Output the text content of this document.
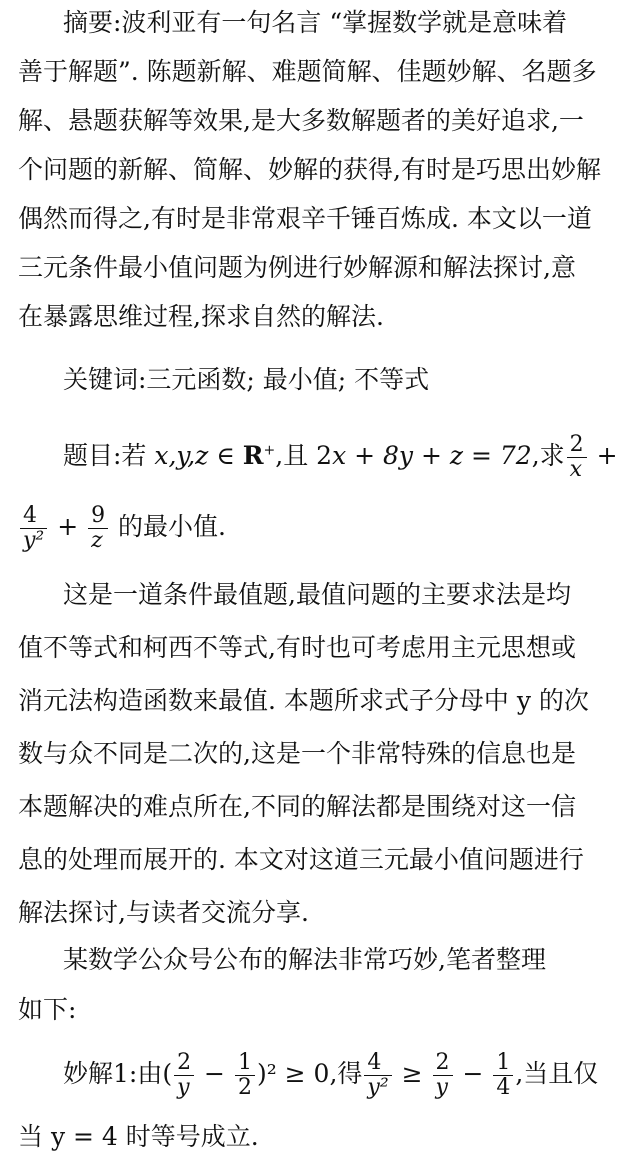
摘要:波利亚有一句名言 “掌握数学就是意味着
善于解题”. 陈题新解、难题简解、佳题妙解、名题多
解、悬题获解等效果,是大多数解题者的美好追求,一
个问题的新解、简解、妙解的获得,有时是巧思出妙解
偶然而得之,有时是非常艰辛千锤百炼成. 本文以一道
三元条件最小值问题为例进行妙解源和解法探讨,意
在暴露思维过程,探求自然的解法.
关键词:三元函数; 最小值; 不等式
题目:若 x,y,z ∈ R+,且 2x + 8y + z = 72,求 $\frac{2}{x}$ +
$\frac{4}{\text{y²}} + \frac{9}{z}$ 的最小值.
这是一道条件最值题,最值问题的主要求法是均
值不等式和柯西不等式,有时也可考虑用主元思想或
消元法构造函数来最值. 本题所求式子分母中 y 的次
数与众不同是二次的,这是一个非常特殊的信息也是
本题解决的难点所在,不同的解法都是围绕对这一信
息的处理而展开的. 本文对这道三元最小值问题进行
解法探讨,与读者交流分享.
某数学公众号公布的解法非常巧妙,笔者整理
如下:
妙解1:由( $\frac{2}{y} - \frac{1}{2} )^2 \ge 0$,得 $\frac{4}{\text{y²}} \ge \frac{2}{y} - \frac{1}{4}$ ,当且仅
当 y = 4 时等号成立.
